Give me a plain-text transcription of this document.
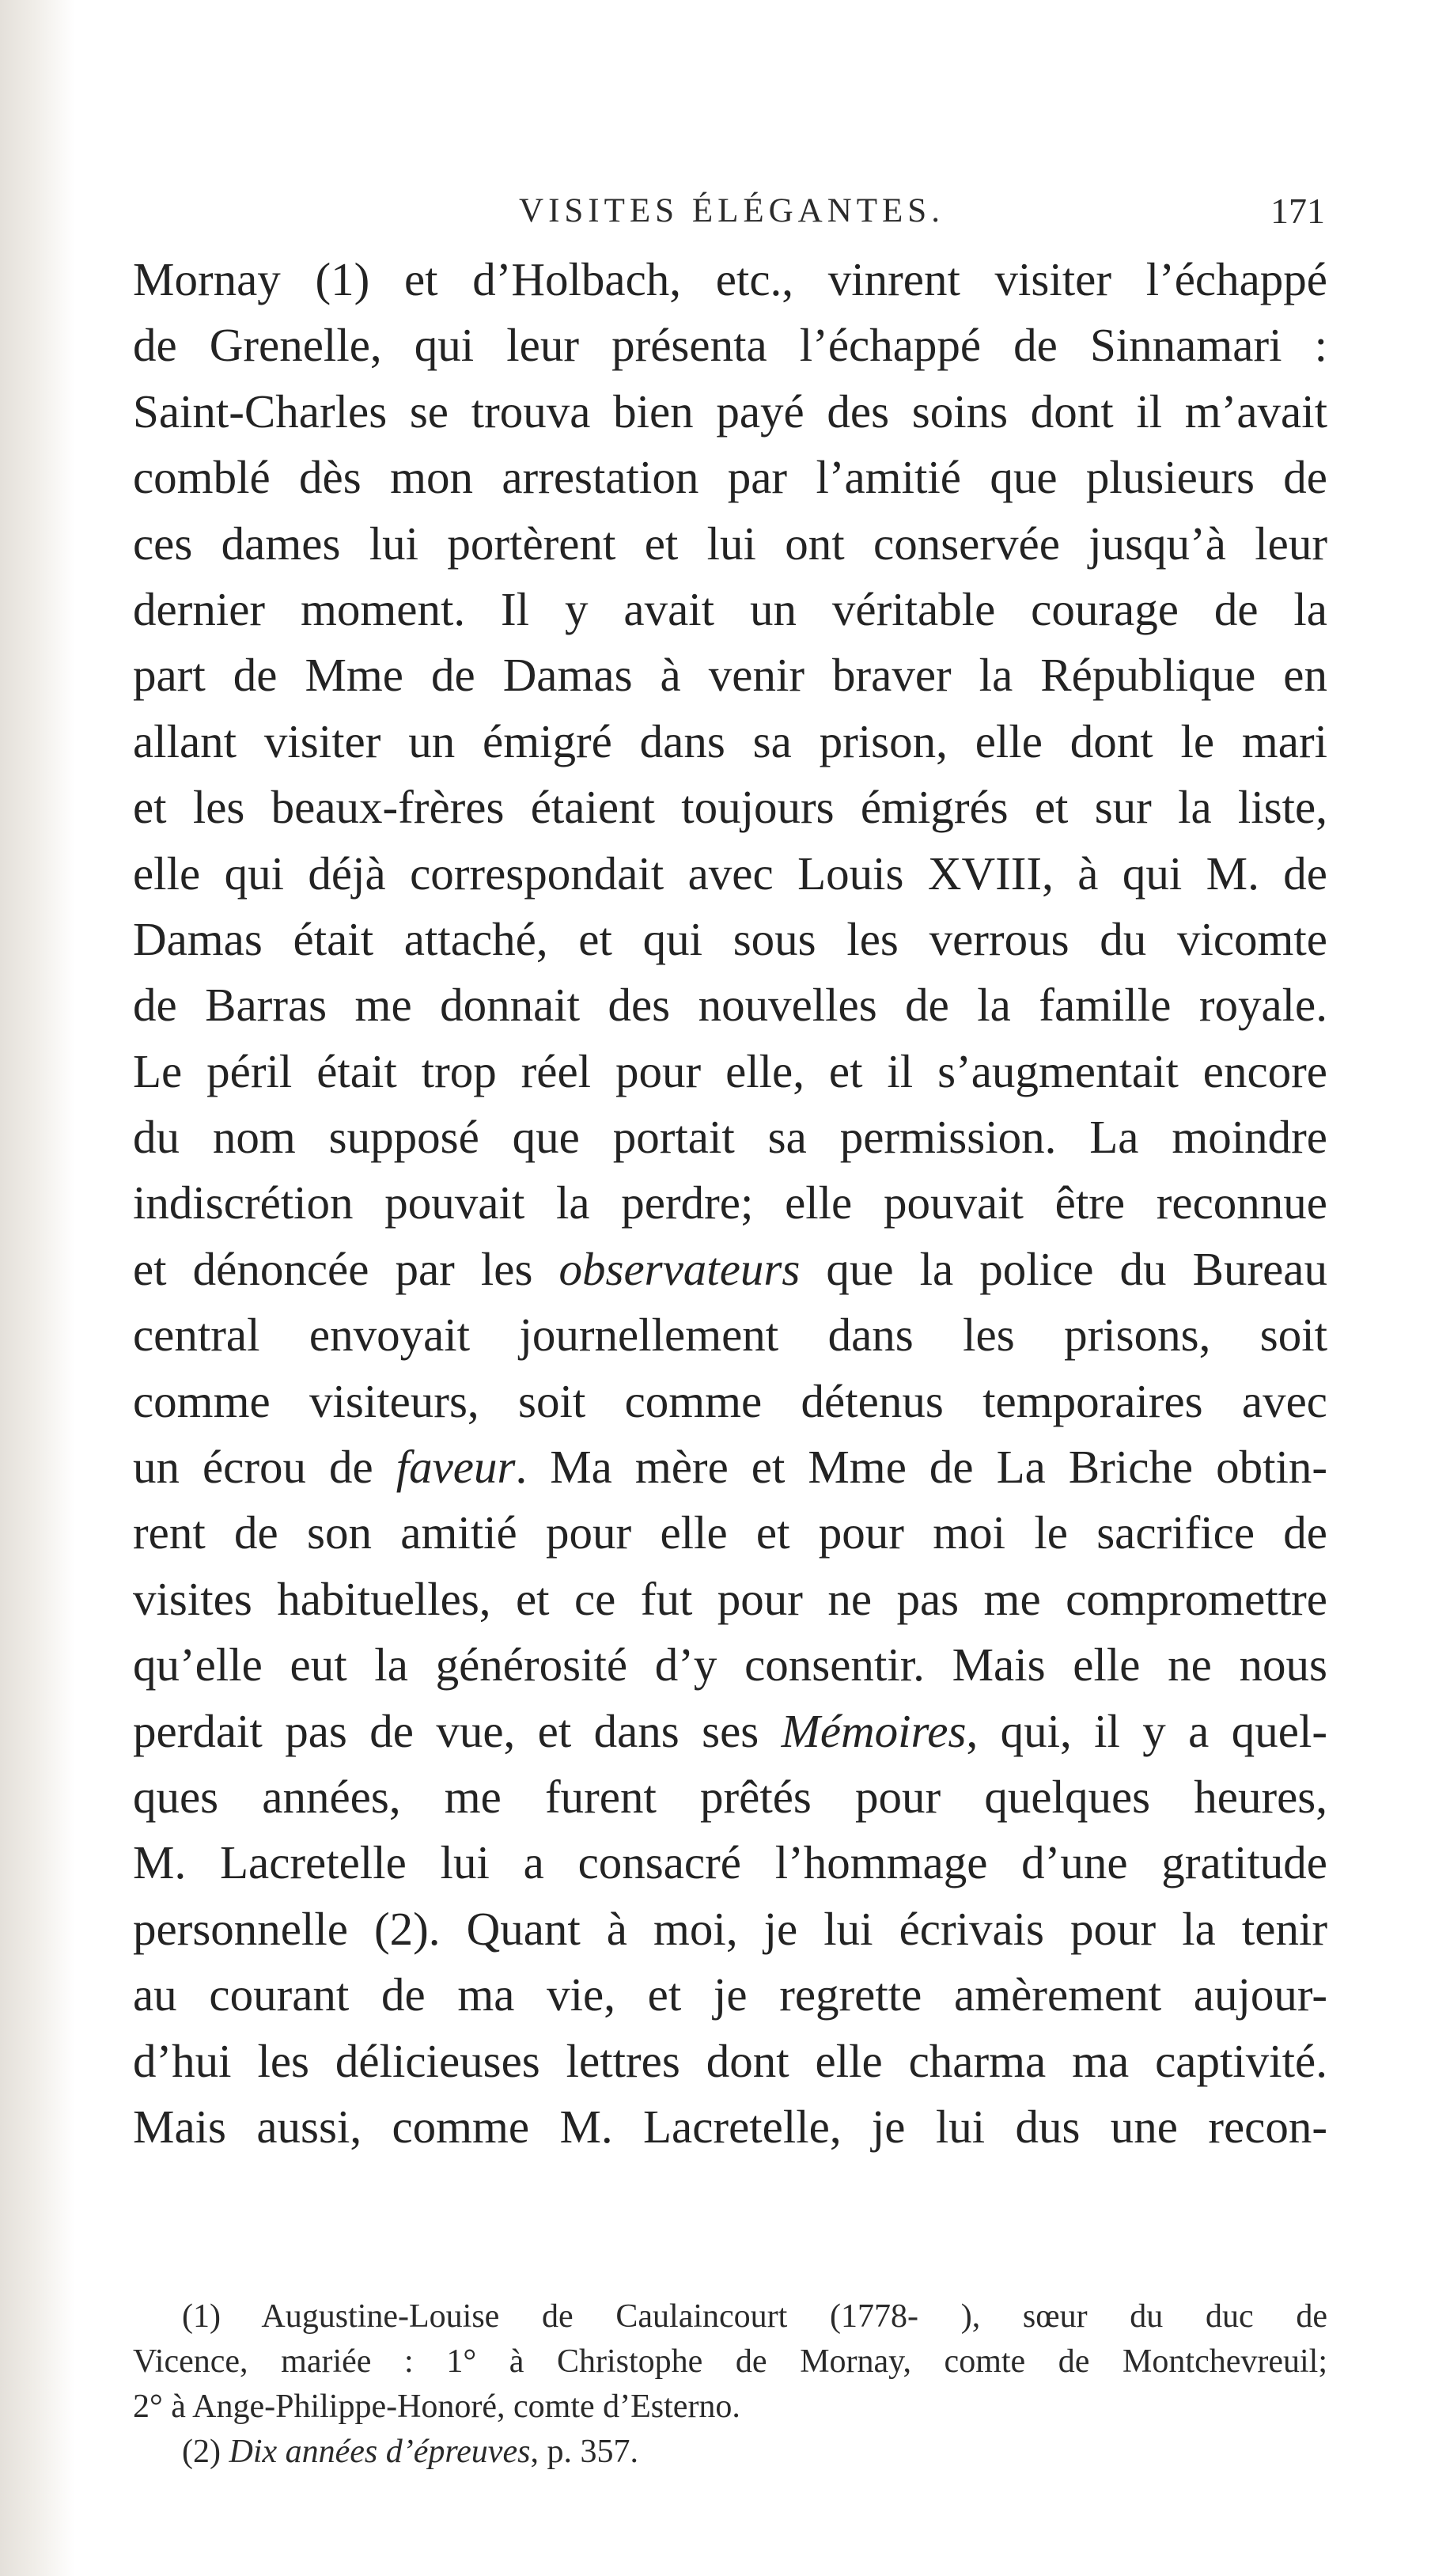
VISITES ÉLÉGANTES.	171
Mornay (1) et d’Holbach, etc., vinrent visiter l’échappé
de Grenelle, qui leur présenta l’échappé de Sinnamari :
Saint-Charles se trouva bien payé des soins dont il m’avait
comblé dès mon arrestation par l’amitié que plusieurs de
ces dames lui portèrent et lui ont conservée jusqu’à leur
dernier moment. Il y avait un véritable courage de la
part de Mme de Damas à venir braver la République en
allant visiter un émigré dans sa prison, elle dont le mari
et les beaux-frères étaient toujours émigrés et sur la liste,
elle qui déjà correspondait avec Louis XVIII, à qui M. de
Damas était attaché, et qui sous les verrous du vicomte
de Barras me donnait des nouvelles de la famille royale.
Le péril était trop réel pour elle, et il s’augmentait encore
du nom supposé que portait sa permission. La moindre
indiscrétion pouvait la perdre; elle pouvait être reconnue
et dénoncée par les observateurs que la police du Bureau
central envoyait journellement dans les prisons, soit
comme visiteurs, soit comme détenus temporaires avec
un écrou de faveur. Ma mère et Mme de La Briche obtin-
rent de son amitié pour elle et pour moi le sacrifice de
visites habituelles, et ce fut pour ne pas me compromettre
qu’elle eut la générosité d’y consentir. Mais elle ne nous
perdait pas de vue, et dans ses Mémoires, qui, il y a quel-
ques années, me furent prêtés pour quelques heures,
M. Lacretelle lui a consacré l’hommage d’une gratitude
personnelle (2). Quant à moi, je lui écrivais pour la tenir
au courant de ma vie, et je regrette amèrement aujour-
d’hui les délicieuses lettres dont elle charma ma captivité.
Mais aussi, comme M. Lacretelle, je lui dus une recon-
(1) Augustine-Louise de Caulaincourt (1778- ), sœur du duc de
Vicence, mariée : 1° à Christophe de Mornay, comte de Montchevreuil;
2° à Ange-Philippe-Honoré, comte d’Esterno.
(2) Dix années d’épreuves, p. 357.
